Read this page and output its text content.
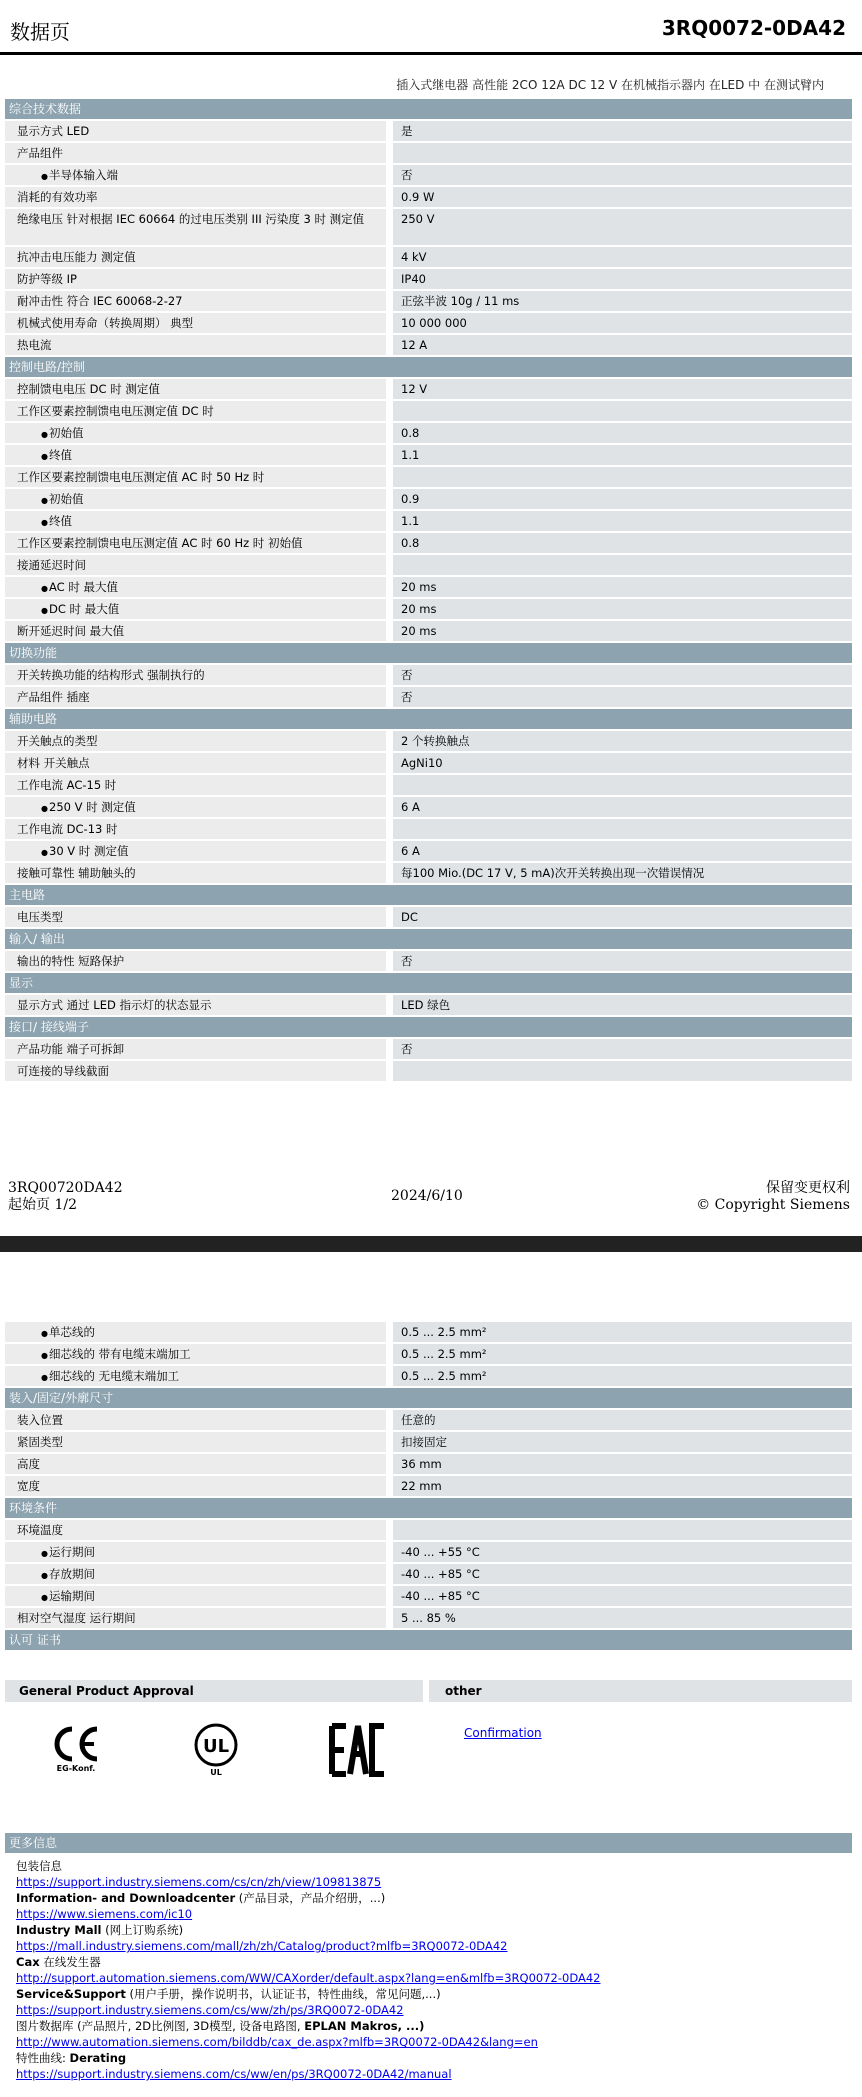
数据页	3RQ0072-0DA42
插入式继电器 高性能 2CO 12A DC 12 V 在机械指示器内 在LED 中 在测试臂内
综合技术数据
显示方式 LED	是
产品组件
● 半导体输入端	否
消耗的有效功率	0.9 W
绝缘电压 针对根据 IEC 60664 的过电压类别 III 污染度 3 时 测定值	250 V
抗冲击电压能力 测定值	4 kV
防护等级 IP	IP40
耐冲击性 符合 IEC 60068-2-27	正弦半波 10g / 11 ms
机械式使用寿命（转换周期） 典型	10 000 000
热电流	12 A
控制电路/控制
控制馈电电压 DC 时 测定值	12 V
工作区要素控制馈电电压测定值 DC 时
● 初始值	0.8
● 终值	1.1
工作区要素控制馈电电压测定值 AC 时 50 Hz 时
● 初始值	0.9
● 终值	1.1
工作区要素控制馈电电压测定值 AC 时 60 Hz 时 初始值	0.8
接通延迟时间
● AC 时 最大值	20 ms
● DC 时 最大值	20 ms
断开延迟时间 最大值	20 ms
切换功能
开关转换功能的结构形式 强制执行的	否
产品组件 插座	否
辅助电路
开关触点的类型	2 个转换触点
材料 开关触点	AgNi10
工作电流 AC-15 时
● 250 V 时 测定值	6 A
工作电流 DC-13 时
● 30 V 时 测定值	6 A
接触可靠性 辅助触头的	每100 Mio.(DC 17 V, 5 mA)次开关转换出现一次错误情况
主电路
电压类型	DC
输入/ 输出
输出的特性 短路保护	否
显示
显示方式 通过 LED 指示灯的状态显示	LED 绿色
接口/ 接线端子
产品功能 端子可拆卸	否
可连接的导线截面
3RQ00720DA42
起始页 1/2
2024/6/10	保留变更权利
© Copyright Siemens
● 单芯线的	0.5 ... 2.5 mm²
● 细芯线的 带有电缆末端加工	0.5 ... 2.5 mm²
● 细芯线的 无电缆末端加工	0.5 ... 2.5 mm²
装入/固定/外廓尺寸
装入位置	任意的
紧固类型	扣接固定
高度	36 mm
宽度	22 mm
环境条件
环境温度
● 运行期间	-40 ... +55 °C
● 存放期间	-40 ... +85 °C
● 运输期间	-40 ... +85 °C
相对空气湿度 运行期间	5 ... 85 %
认可 证书
General Product Approval	other
EG-Konf.
UL
UL
Confirmation
更多信息
包装信息
https://support.industry.siemens.com/cs/cn/zh/view/109813875
Information- and Downloadcenter (产品目录，产品介绍册，...)
https://www.siemens.com/ic10
Industry Mall (网上订购系统)
https://mall.industry.siemens.com/mall/zh/zh/Catalog/product?mlfb=3RQ0072-0DA42
Cax 在线发生器
http://support.automation.siemens.com/WW/CAXorder/default.aspx?lang=en&mlfb=3RQ0072-0DA42
Service&Support (用户手册，操作说明书，认证证书，特性曲线，常见问题,...)
https://support.industry.siemens.com/cs/ww/zh/ps/3RQ0072-0DA42
图片数据库 (产品照片, 2D比例图, 3D模型, 设备电路图, EPLAN Makros, ...)
http://www.automation.siemens.com/bilddb/cax_de.aspx?mlfb=3RQ0072-0DA42&lang=en
特性曲线: Derating
https://support.industry.siemens.com/cs/ww/en/ps/3RQ0072-0DA42/manual
